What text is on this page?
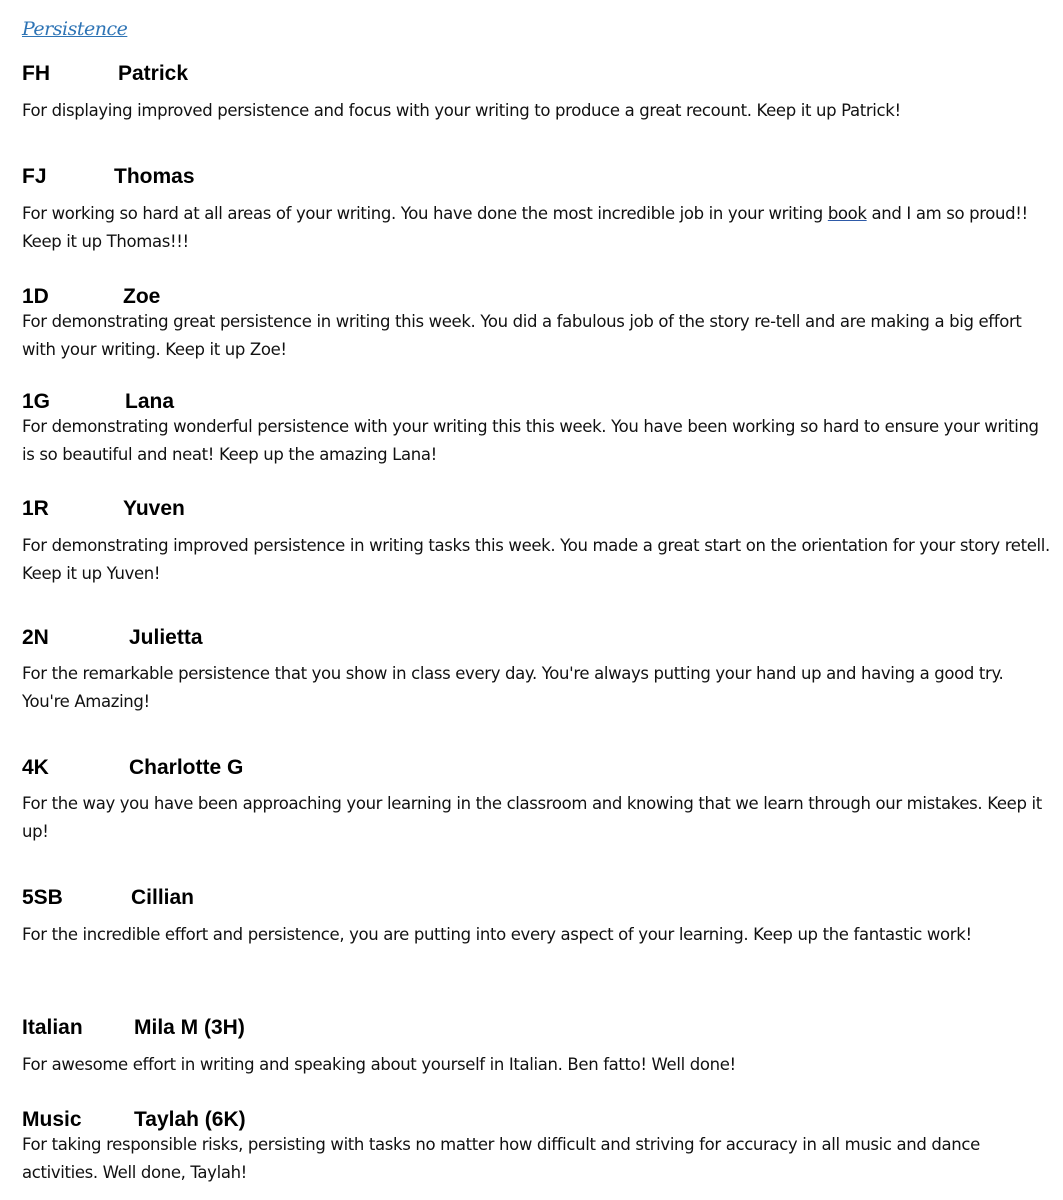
Persistence
FH	Patrick
For displaying improved persistence and focus with your writing to produce a great recount. Keep it up Patrick!
FJ	Thomas
For working so hard at all areas of your writing. You have done the most incredible job in your writing book and I am so proud!! Keep it up Thomas!!!
1D	Zoe
For demonstrating great persistence in writing this week. You did a fabulous job of the story re-tell and are making a big effort with your writing. Keep it up Zoe!
1G	Lana
For demonstrating wonderful persistence with your writing this this week. You have been working so hard to ensure your writing is so beautiful and neat! Keep up the amazing Lana!
1R	Yuven
For demonstrating improved persistence in writing tasks this week. You made a great start on the orientation for your story retell. Keep it up Yuven!
2N	Julietta
For the remarkable persistence that you show in class every day. You're always putting your hand up and having a good try. You're Amazing!
4K	Charlotte G
For the way you have been approaching your learning in the classroom and knowing that we learn through our mistakes. Keep it up!
5SB	Cillian
For the incredible effort and persistence, you are putting into every aspect of your learning. Keep up the fantastic work!
Italian Mila M (3H)
For awesome effort in writing and speaking about yourself in Italian. Ben fatto! Well done!
Music Taylah (6K)
For taking responsible risks, persisting with tasks no matter how difficult and striving for accuracy in all music and dance activities. Well done, Taylah!
